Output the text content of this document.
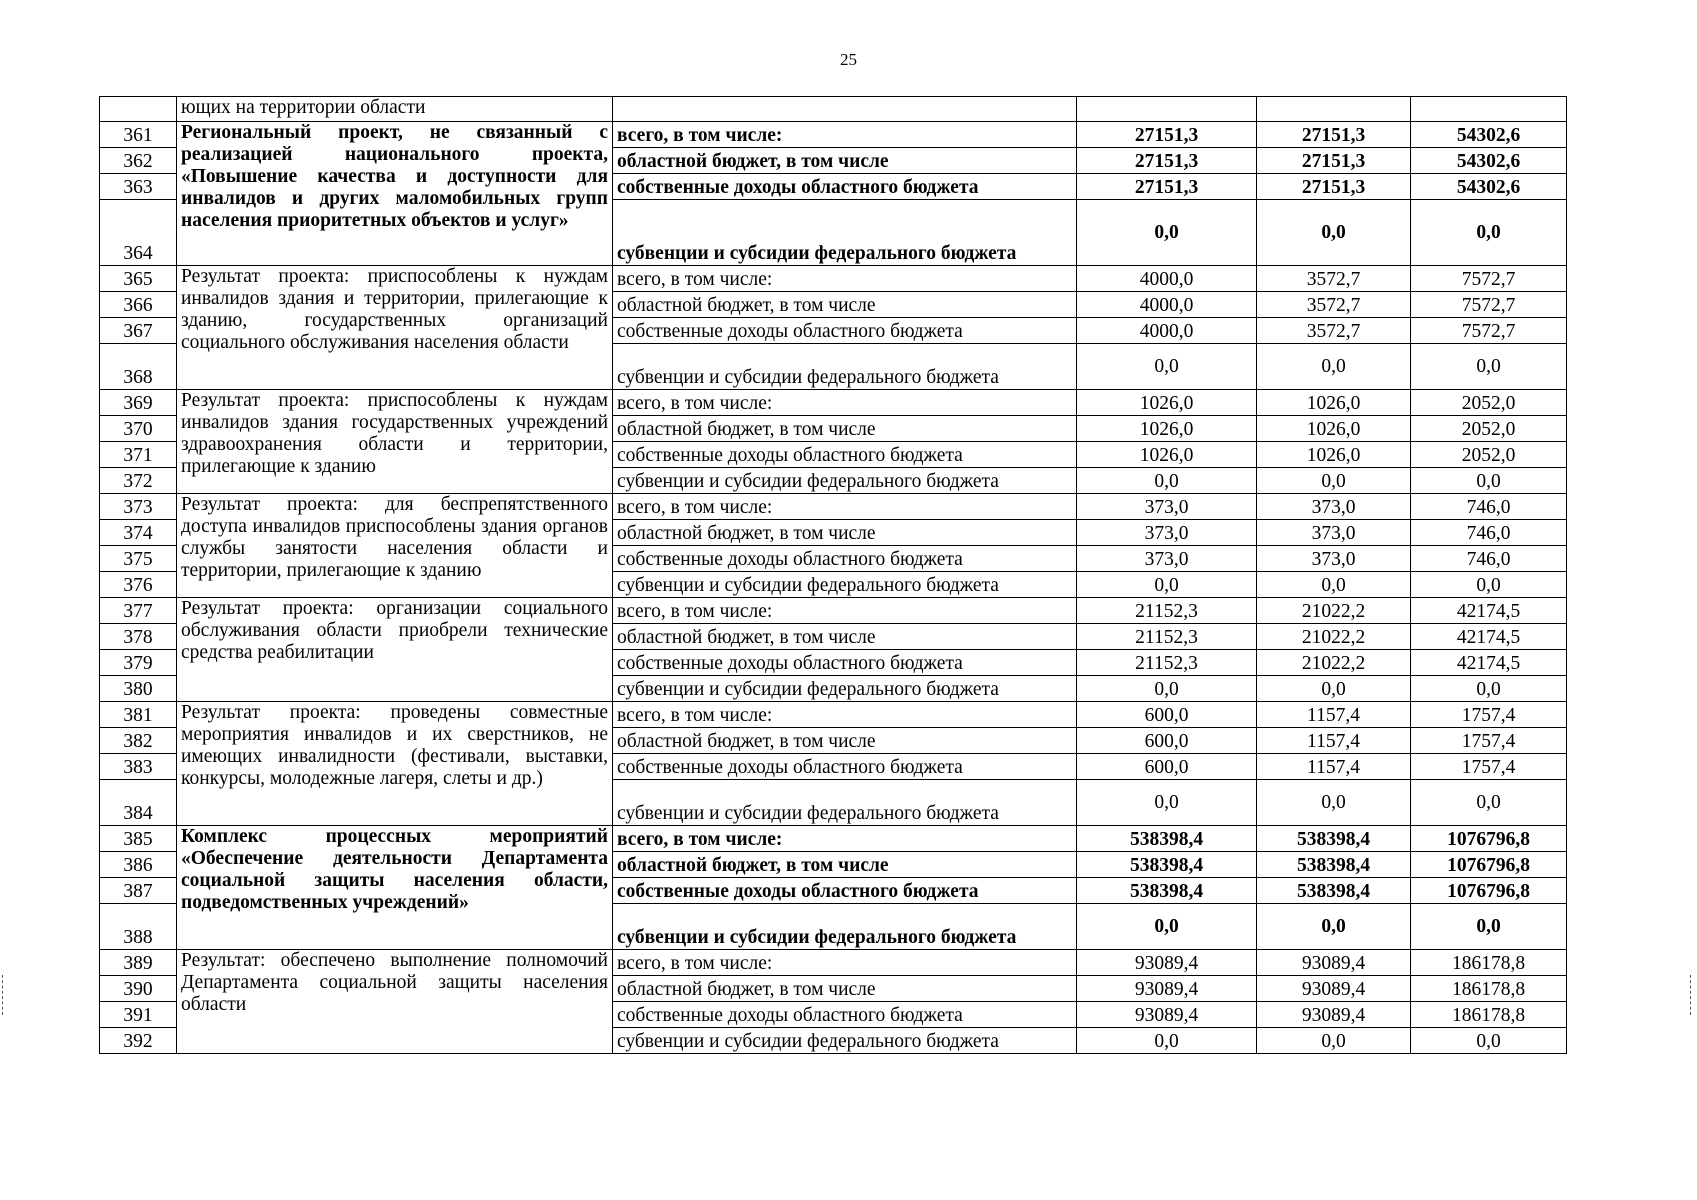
25
	ющих на территории области				
361	Региональный проект, не связанный с реализацией национального проекта, «Повышение качества и доступности для инвалидов и других маломобильных групп населения приоритетных объектов и услуг»	всего, в том числе:	27151,3	27151,3	54302,6
362		областной бюджет, в том числе	27151,3	27151,3	54302,6
363		собственные доходы областного бюджета	27151,3	27151,3	54302,6
364		субвенции и субсидии федерального бюджета	0,0	0,0	0,0
365	Результат проекта: приспособлены к нуждам инвалидов здания и территории, прилегающие к зданию, государственных организаций социального обслуживания населения области	всего, в том числе:	4000,0	3572,7	7572,7
366		областной бюджет, в том числе	4000,0	3572,7	7572,7
367		собственные доходы областного бюджета	4000,0	3572,7	7572,7
368		субвенции и субсидии федерального бюджета	0,0	0,0	0,0
369	Результат проекта: приспособлены к нуждам инвалидов здания государственных учреждений здравоохранения области и территории, прилегающие к зданию	всего, в том числе:	1026,0	1026,0	2052,0
370		областной бюджет, в том числе	1026,0	1026,0	2052,0
371		собственные доходы областного бюджета	1026,0	1026,0	2052,0
372		субвенции и субсидии федерального бюджета	0,0	0,0	0,0
373	Результат проекта: для беспрепятственного доступа инвалидов приспособлены здания органов службы занятости населения области и территории, прилегающие к зданию	всего, в том числе:	373,0	373,0	746,0
374		областной бюджет, в том числе	373,0	373,0	746,0
375		собственные доходы областного бюджета	373,0	373,0	746,0
376		субвенции и субсидии федерального бюджета	0,0	0,0	0,0
377	Результат проекта: организации социального обслуживания области приобрели технические средства реабилитации	всего, в том числе:	21152,3	21022,2	42174,5
378		областной бюджет, в том числе	21152,3	21022,2	42174,5
379		собственные доходы областного бюджета	21152,3	21022,2	42174,5
380		субвенции и субсидии федерального бюджета	0,0	0,0	0,0
381	Результат проекта: проведены совместные мероприятия инвалидов и их сверстников, не имеющих инвалидности (фестивали, выставки, конкурсы, молодежные лагеря, слеты и др.)	всего, в том числе:	600,0	1157,4	1757,4
382		областной бюджет, в том числе	600,0	1157,4	1757,4
383		собственные доходы областного бюджета	600,0	1157,4	1757,4
384		субвенции и субсидии федерального бюджета	0,0	0,0	0,0
385	Комплекс процессных мероприятий «Обеспечение деятельности Департамента социальной защиты населения области, подведомственных учреждений»	всего, в том числе:	538398,4	538398,4	1076796,8
386		областной бюджет, в том числе	538398,4	538398,4	1076796,8
387		собственные доходы областного бюджета	538398,4	538398,4	1076796,8
388		субвенции и субсидии федерального бюджета	0,0	0,0	0,0
389	Результат: обеспечено выполнение полномочий Департамента социальной защиты населения области	всего, в том числе:	93089,4	93089,4	186178,8
390		областной бюджет, в том числе	93089,4	93089,4	186178,8
391		собственные доходы областного бюджета	93089,4	93089,4	186178,8
392		субвенции и субсидии федерального бюджета	0,0	0,0	0,0
